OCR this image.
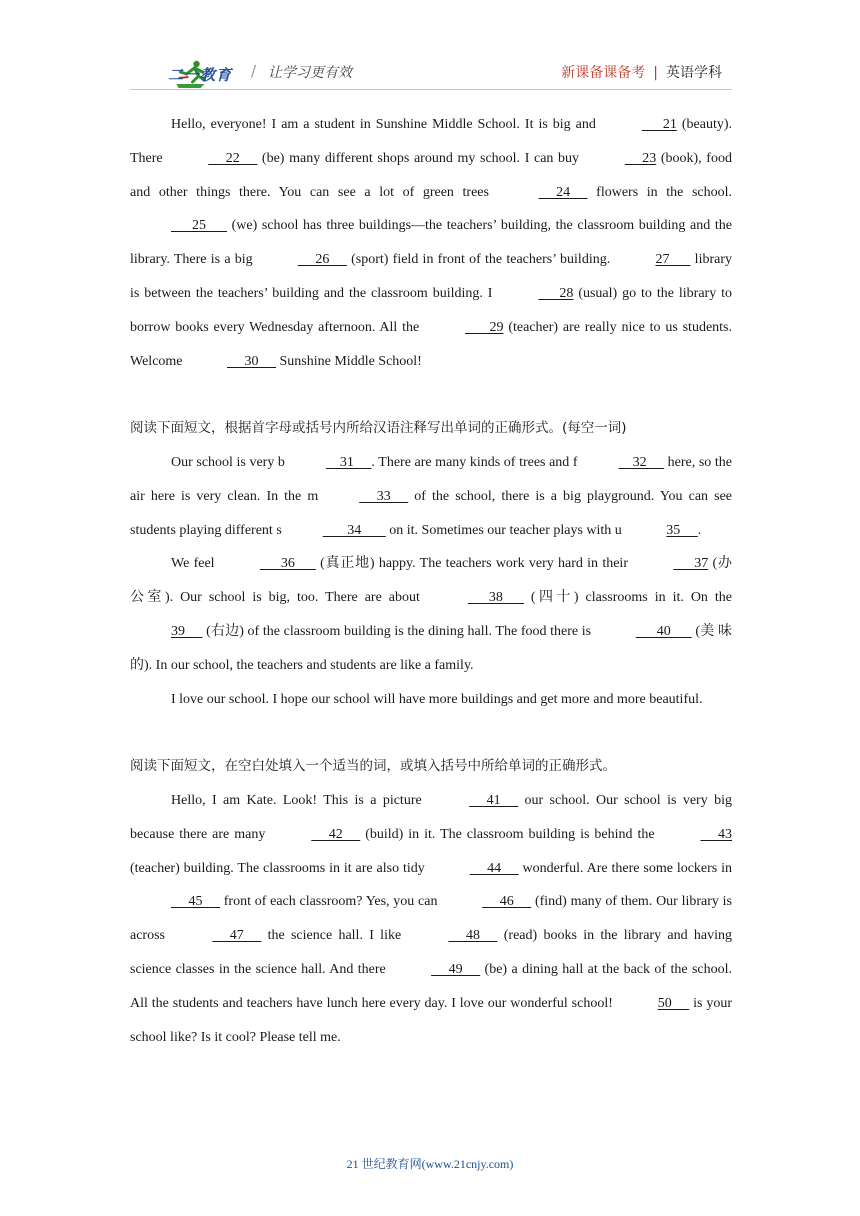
二一教育 / 让学习更有效	新课备课备考 | 英语学科
Hello, everyone! I am a student in Sunshine Middle School. It is big and	21 (beauty). There	22      (be) many different shops around my school. I can buy	23 (book), food and other things there. You can see a lot of green trees	24      flowers in the school.       25       (we) school has three buildings—the teachers’ building, the classroom building and the library. There is a big	26      (sport) field in front of the teachers’ building.	27       library is between the teachers’ building and the classroom building. I	28 (usual) go to the library to borrow books every Wednesday afternoon. All the	29 (teacher) are really nice to us students. Welcome	30      Sunshine Middle School!

阅读下面短文，根据首字母或括号内所给汉语注释写出单词的正确形式。(每空一词)

Our school is very b	31     . There are many kinds of trees and f	32      here, so the air here is very clean. In the m	33      of the school, there is a big playground. You can see students playing different s	34        on it. Sometimes our teacher plays with u	35     .
We feel	36       (真正地) happy. The teachers work very hard in their	37 (办公室). Our school is big, too. There are about	38       (四十) classrooms in it. On the 39      (右边) of the classroom building is the dining hall. The food there is	40       (美 味的). In our school, the teachers and students are like a family.
I love our school. I hope our school will have more buildings and get more and more beautiful.

阅读下面短文，在空白处填入一个适当的词，或填入括号中所给单词的正确形式。

Hello, I am Kate. Look! This is a picture	41      our school. Our school is very big because there are many	42      (build) in it. The classroom building is behind the	43 (teacher) building. The classrooms in it are also tidy	44      wonderful. Are there some lockers in      45      front of each classroom? Yes, you can	46      (find) many of them. Our library is across	47      the science hall. I like	48      (read) books in the library and having science classes in the science hall. And there	49      (be) a dining hall at the back of the school. All the students and teachers have lunch here every day. I love our wonderful school!	50      is your school like? Is it cool? Please tell me.
21 世纪教育网(www.21cnjy.com)
